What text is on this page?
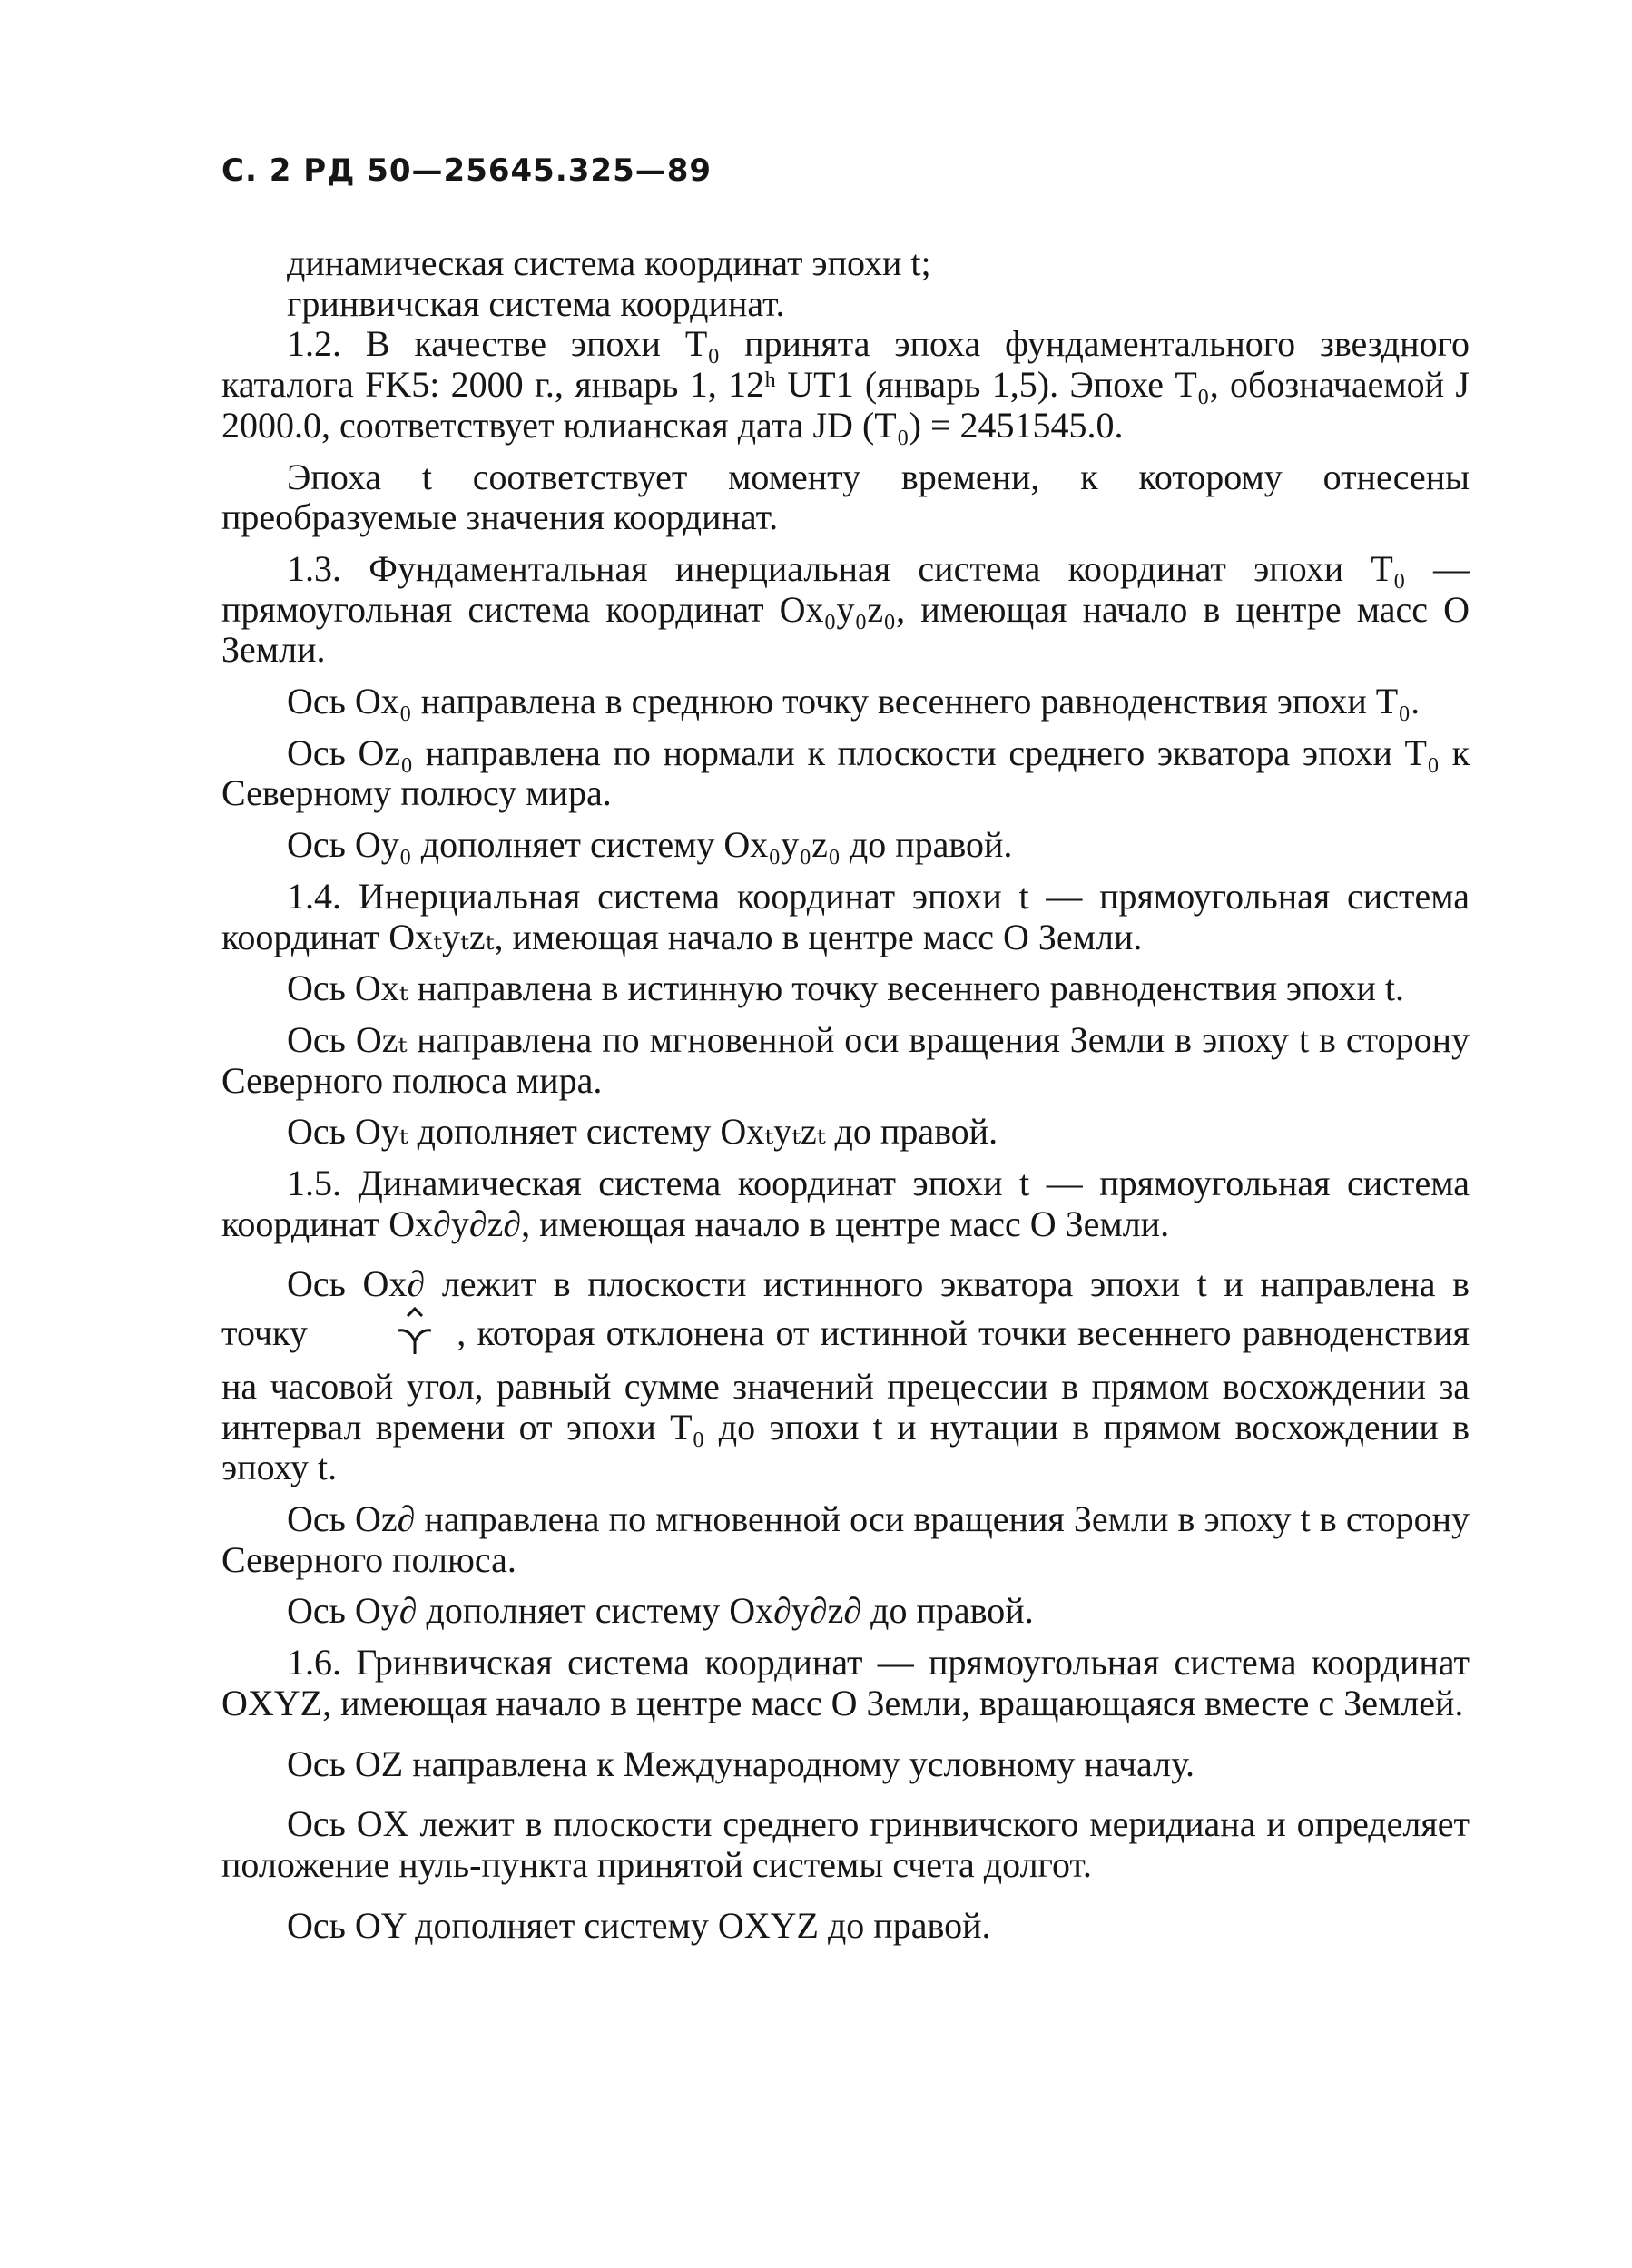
С. 2 РД 50—25645.325—89

динамическая система координат эпохи t;

гринвичская система координат.

1.2. В качестве эпохи T₀ принята эпоха фундаментального звездного каталога FK5: 2000 г., январь 1, 12ʰ UT1 (январь 1,5). Эпохе T₀, обозначаемой J 2000.0, соответствует юлианская дата JD (T₀) = 2451545.0.

Эпоха t соответствует моменту времени, к которому отнесены преобразуемые значения координат.

1.3. Фундаментальная инерциальная система координат эпохи T₀ — прямоугольная система координат Ox₀y₀z₀, имеющая начало в центре масс O Земли.

Ось Ox₀ направлена в среднюю точку весеннего равноденствия эпохи T₀.

Ось Oz₀ направлена по нормали к плоскости среднего экватора эпохи T₀ к Северному полюсу мира.

Ось Oy₀ дополняет систему Ox₀y₀z₀ до правой.

1.4. Инерциальная система координат эпохи t — прямоугольная система координат Oxₜyₜzₜ, имеющая начало в центре масс O Земли.

Ось Oxₜ направлена в истинную точку весеннего равноденствия эпохи t.

Ось Ozₜ направлена по мгновенной оси вращения Земли в эпоху t в сторону Северного полюса мира.

Ось Oyₜ дополняет систему Oxₜyₜzₜ до правой.

1.5. Динамическая система координат эпохи t — прямоугольная система координат Ox∂y∂z∂, имеющая начало в центре масс O Земли.

Ось Ox∂ лежит в плоскости истинного экватора эпохи t и направлена в точку	, которая отклонена от истинной точки весеннего равноденствия на часовой угол, равный сумме значений прецессии в прямом восхождении за интервал времени от эпохи T₀ до эпохи t и нутации в прямом восхождении в эпоху t.

Ось Oz∂ направлена по мгновенной оси вращения Земли в эпоху t в сторону Северного полюса.

Ось Oy∂ дополняет систему Ox∂y∂z∂ до правой.

1.6. Гринвичская система координат — прямоугольная система координат OXYZ, имеющая начало в центре масс O Земли, вращающаяся вместе с Землей.

Ось OZ направлена к Международному условному началу.

Ось OX лежит в плоскости среднего гринвичского меридиана и определяет положение нуль-пункта принятой системы счета долгот.

Ось OY дополняет систему OXYZ до правой.
